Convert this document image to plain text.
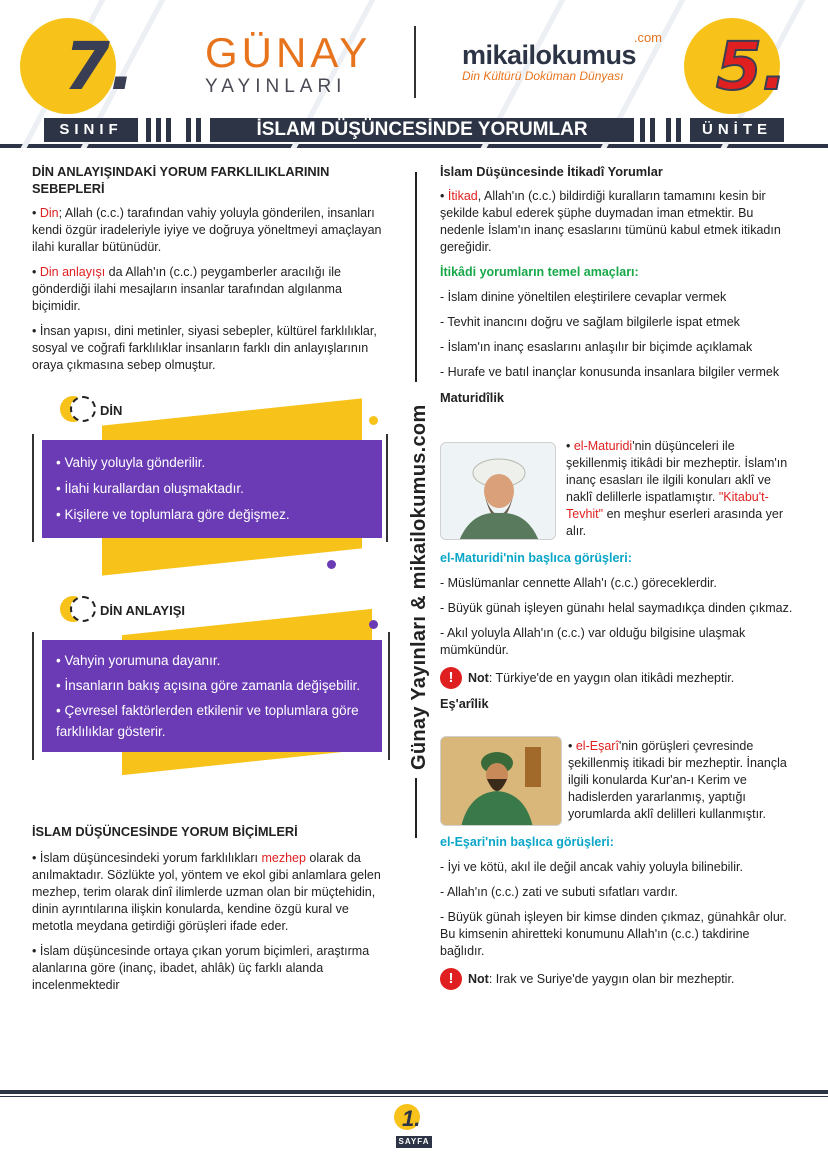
7.	5.
SINIF	İSLAM DÜŞÜNCESİNDE YORUMLAR	ÜNİTE
GÜNAY
YAYINLARI
.com
mikailokumus
Din Kültürü Doküman Dünyası

DİN ANLAYIŞINDAKİ YORUM FARKLILIKLARININ SEBEPLERİ

• Din; Allah (c.c.) tarafından vahiy yoluyla gönderilen, insanları kendi özgür iradeleriyle iyiye ve doğruya yöneltmeyi amaçlayan ilahi kurallar bütünüdür.

• Din anlayışı da Allah'ın (c.c.) peygamberler aracılığı ile gönderdiği ilahi mesajların insanlar tarafından algılanma biçimidir.

• İnsan yapısı, dini metinler, siyasi sebepler, kültürel farklılıklar, sosyal ve coğrafi farklılıklar insanların farklı din anlayışlarının oraya çıkmasına sebep olmuştur.

• Vahiy yoluyla gönderilir.
• İlahi kurallardan oluşmaktadır.
• Kişilere ve toplumlara göre değişmez.
DİN
• Vahyin yorumuna dayanır.
• İnsanların bakış açısına göre zamanla değişebilir.
• Çevresel faktörlerden etkilenir ve toplumlara göre farklılıklar gösterir.
DİN ANLAYIŞI

İSLAM DÜŞÜNCESİNDE YORUM BİÇİMLERİ

• İslam düşüncesindeki yorum farklılıkları mezhep olarak da anılmaktadır. Sözlükte yol, yöntem ve ekol gibi anlamlara gelen mezhep, terim olarak dinî ilimlerde uzman olan bir müçtehidin, dinin ayrıntılarına ilişkin konularda, kendine özgü kural ve metotla meydana getirdiği görüşleri ifade eder.

• İslam düşüncesinde ortaya çıkan yorum biçimleri, araştırma alanlarına göre (inanç, ibadet, ahlâk) üç farklı alanda incelenmektedir

Günay Yayınları & mikailokumus.com

İslam Düşüncesinde İtikadî Yorumlar

• İtikad, Allah'ın (c.c.) bildirdiği kuralların tamamını kesin bir şekilde kabul ederek şüphe duymadan iman etmektir. Bu nedenle İslam'ın inanç esaslarını tümünü kabul etmek itikadın gereğidir.

İtikâdi yorumların temel amaçları:

- İslam dinine yöneltilen eleştirilere cevaplar vermek

- Tevhit inancını doğru ve sağlam bilgilerle ispat etmek

- İslam'ın inanç esaslarını anlaşılır bir biçimde açıklamak

- Hurafe ve batıl inançlar konusunda insanlara bilgiler vermek

Maturidîlik

• el-Maturidi'nin düşünceleri ile şekillenmiş itikâdi bir mezheptir. İslam'ın inanç esasları ile ilgili konuları aklî ve naklî delillerle ispatlamıştır. "Kitabu't-Tevhit" en meşhur eserleri arasında yer alır.

el-Maturidi'nin başlıca görüşleri:

- Müslümanlar cennette Allah'ı (c.c.) göreceklerdir.

- Büyük günah işleyen günahı helal saymadıkça dinden çıkmaz.

- Akıl yoluyla Allah'ın (c.c.) var olduğu bilgisine ulaşmak mümkündür.

!	Not: Türkiye'de en yaygın olan itikâdi mezheptir.

Eş'arîlik

• el-Eşarî'nin görüşleri çevresinde şekillenmiş itikadi bir mezheptir. İnançla ilgili konularda Kur'an-ı Kerim ve hadislerden yararlanmış, yaptığı yorumlarda aklî delilleri kullanmıştır.

el-Eşari'nin başlıca görüşleri:

- İyi ve kötü, akıl ile değil ancak vahiy yoluyla bilinebilir.

- Allah'ın (c.c.) zati ve subuti sıfatları vardır.

- Büyük günah işleyen bir kimse dinden çıkmaz, günahkâr olur. Bu kimsenin ahiretteki konumunu Allah'ın (c.c.) takdirine bağlıdır.

!	Not: Irak ve Suriye'de yaygın olan bir mezheptir.
1.
SAYFA
